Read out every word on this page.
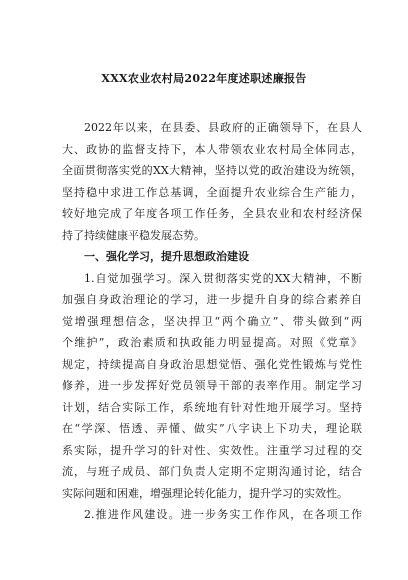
XXX农业农村局2022年度述职述廉报告
2022年以来，在县委、县政府的正确领导下，在县人
大、政协的监督支持下，本人带领农业农村局全体同志，
全面贯彻落实党的XX大精神，坚持以党的政治建设为统领，
坚持稳中求进工作总基调，全面提升农业综合生产能力，
较好地完成了年度各项工作任务，全县农业和农村经济保
持了持续健康平稳发展态势。
一、强化学习，提升思想政治建设
1.自觉加强学习。深入贯彻落实党的XX大精神，不断
加强自身政治理论的学习，进一步提升自身的综合素养自
觉增强理想信念，坚决捍卫“两个确立”、带头做到“两
个维护”，政治素质和执政能力明显提高。对照《党章》
规定，持续提高自身政治思想觉悟、强化党性锻炼与党性
修养，进一步发挥好党员领导干部的表率作用。制定学习
计划，结合实际工作，系统地有针对性地开展学习。坚持
在“学深、悟透、弄懂、做实”八字诀上下功夫，理论联
系实际，提升学习的针对性、实效性。注重学习过程的交
流，与班子成员、部门负责人定期不定期沟通讨论，结合
实际问题和困难，增强理论转化能力，提升学习的实效性。
2.推进作风建设。进一步务实工作作风，在各项工作
